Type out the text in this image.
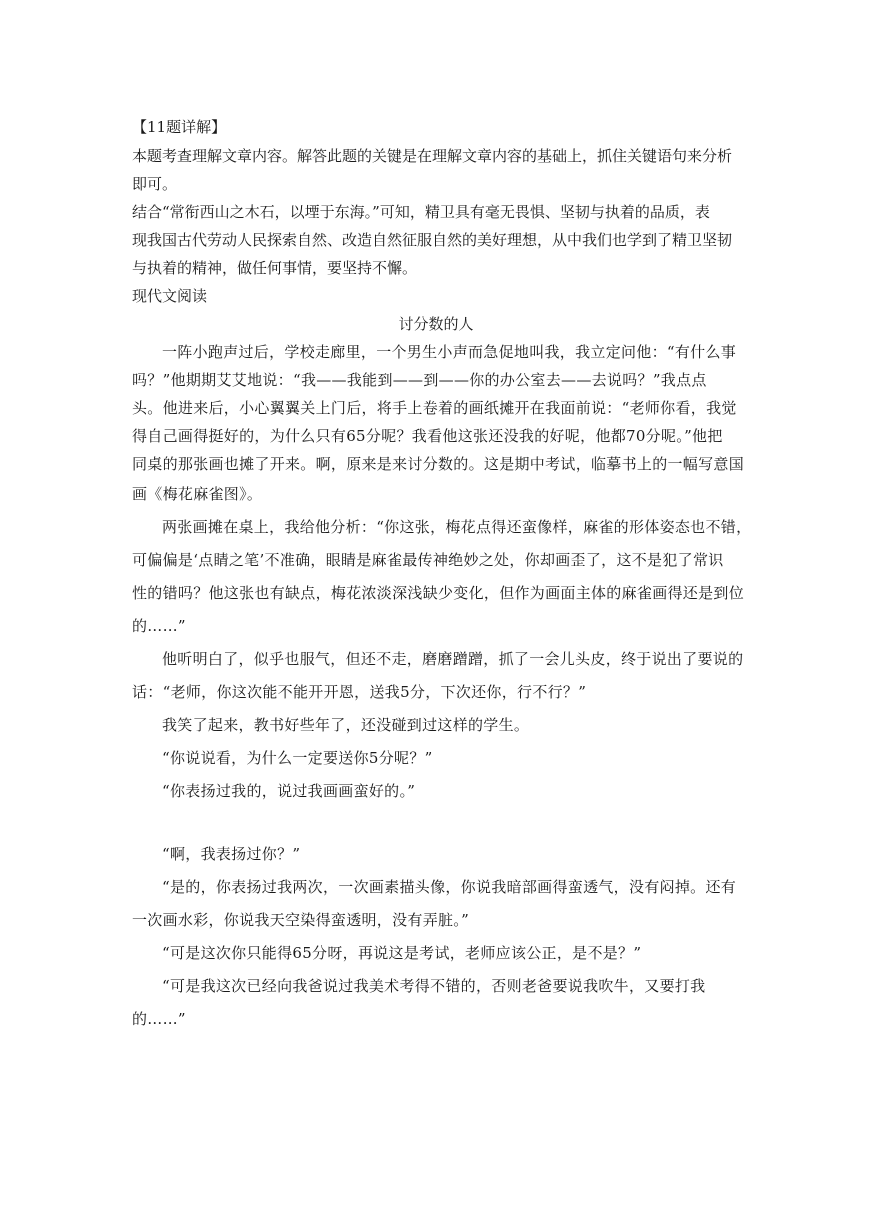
【11题详解】

本题考查理解文章内容。解答此题的关键是在理解文章内容的基础上，抓住关键语句来分析

即可。

结合“常衔西山之木石，以堙于东海。”可知，精卫具有毫无畏惧、坚韧与执着的品质，表

现我国古代劳动人民探索自然、改造自然征服自然的美好理想，从中我们也学到了精卫坚韧

与执着的精神，做任何事情，要坚持不懈。

现代文阅读

讨分数的人

一阵小跑声过后，学校走廊里，一个男生小声而急促地叫我，我立定问他：“有什么事

吗？”他期期艾艾地说：“我——我能到——到——你的办公室去——去说吗？”我点点

头。他进来后，小心翼翼关上门后，将手上卷着的画纸摊开在我面前说：“老师你看，我觉

得自己画得挺好的，为什么只有65分呢？我看他这张还没我的好呢，他都70分呢。”他把

同桌的那张画也摊了开来。啊，原来是来讨分数的。这是期中考试，临摹书上的一幅写意国

画《梅花麻雀图》。

两张画摊在桌上，我给他分析：“你这张，梅花点得还蛮像样，麻雀的形体姿态也不错，

可偏偏是‘点睛之笔’不准确，眼睛是麻雀最传神绝妙之处，你却画歪了，这不是犯了常识

性的错吗？他这张也有缺点，梅花浓淡深浅缺少变化，但作为画面主体的麻雀画得还是到位

的……”

他听明白了，似乎也服气，但还不走，磨磨蹭蹭，抓了一会儿头皮，终于说出了要说的

话：“老师，你这次能不能开开恩，送我5分，下次还你，行不行？”

我笑了起来，教书好些年了，还没碰到过这样的学生。

“你说说看，为什么一定要送你5分呢？”

“你表扬过我的，说过我画画蛮好的。”

“啊，我表扬过你？”

“是的，你表扬过我两次，一次画素描头像，你说我暗部画得蛮透气，没有闷掉。还有

一次画水彩，你说我天空染得蛮透明，没有弄脏。”

“可是这次你只能得65分呀，再说这是考试，老师应该公正，是不是？”

“可是我这次已经向我爸说过我美术考得不错的，否则老爸要说我吹牛，又要打我

的……”
